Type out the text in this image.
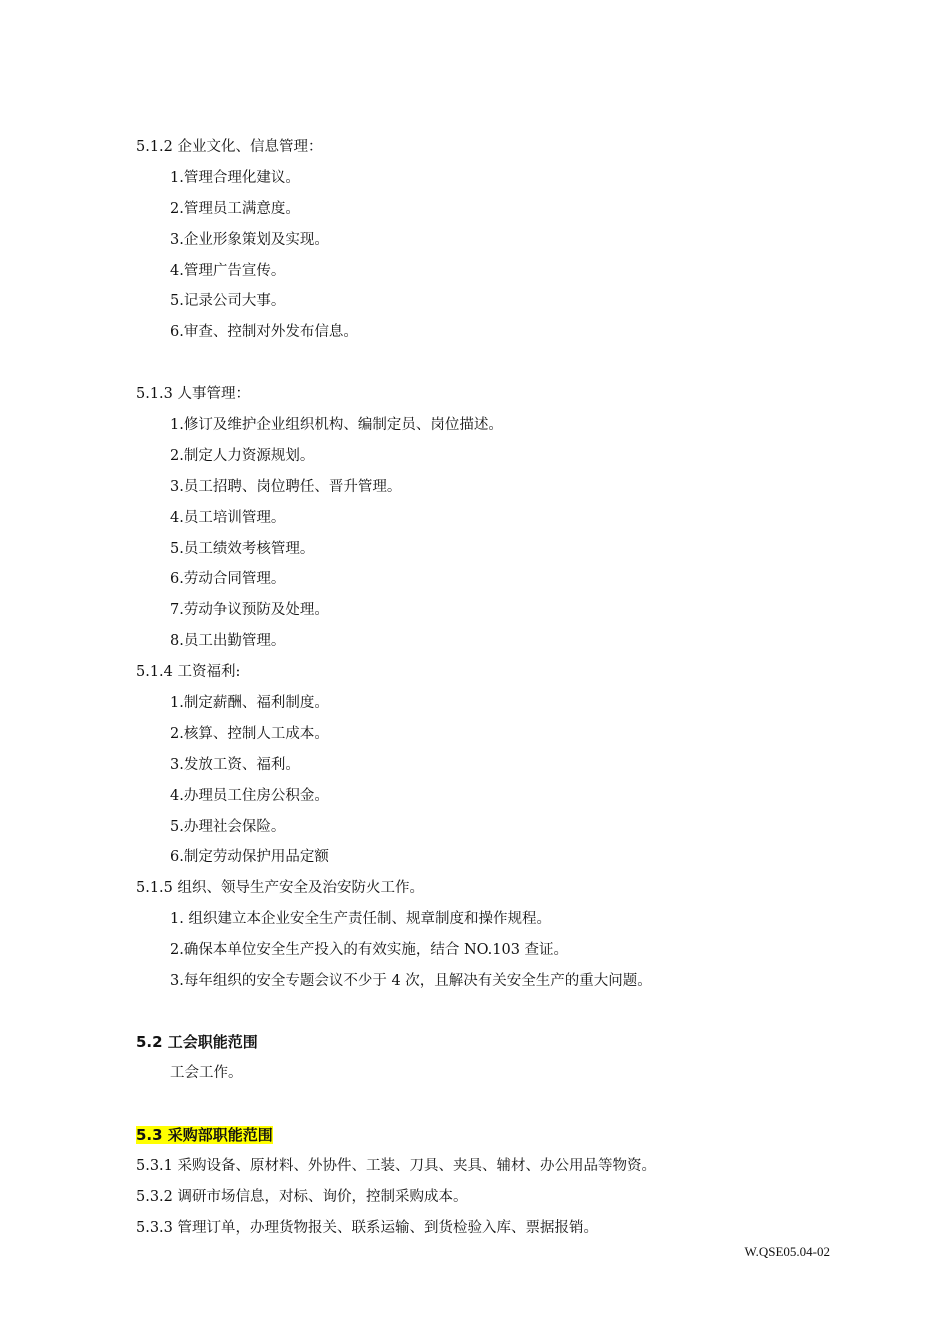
5.1.2 企业文化、信息管理：
1.管理合理化建议。
2.管理员工满意度。
3.企业形象策划及实现。
4.管理广告宣传。
5.记录公司大事。
6.审查、控制对外发布信息。
5.1.3 人事管理：
1.修订及维护企业组织机构、编制定员、岗位描述。
2.制定人力资源规划。
3.员工招聘、岗位聘任、晋升管理。
4.员工培训管理。
5.员工绩效考核管理。
6.劳动合同管理。
7.劳动争议预防及处理。
8.员工出勤管理。
5.1.4 工资福利:
1.制定薪酬、福利制度。
2.核算、控制人工成本。
3.发放工资、福利。
4.办理员工住房公积金。
5.办理社会保险。
6.制定劳动保护用品定额
5.1.5 组织、领导生产安全及治安防火工作。
1. 组织建立本企业安全生产责任制、规章制度和操作规程。
2.确保本单位安全生产投入的有效实施，结合 NO.103 查证。
3.每年组织的安全专题会议不少于 4 次，且解决有关安全生产的重大问题。
5.2 工会职能范围
工会工作。
5.3 采购部职能范围
5.3.1 采购设备、原材料、外协件、工装、刀具、夹具、辅材、办公用品等物资。
5.3.2 调研市场信息，对标、询价，控制采购成本。
5.3.3 管理订单，办理货物报关、联系运输、到货检验入库、票据报销。
W.QSE05.04-02
